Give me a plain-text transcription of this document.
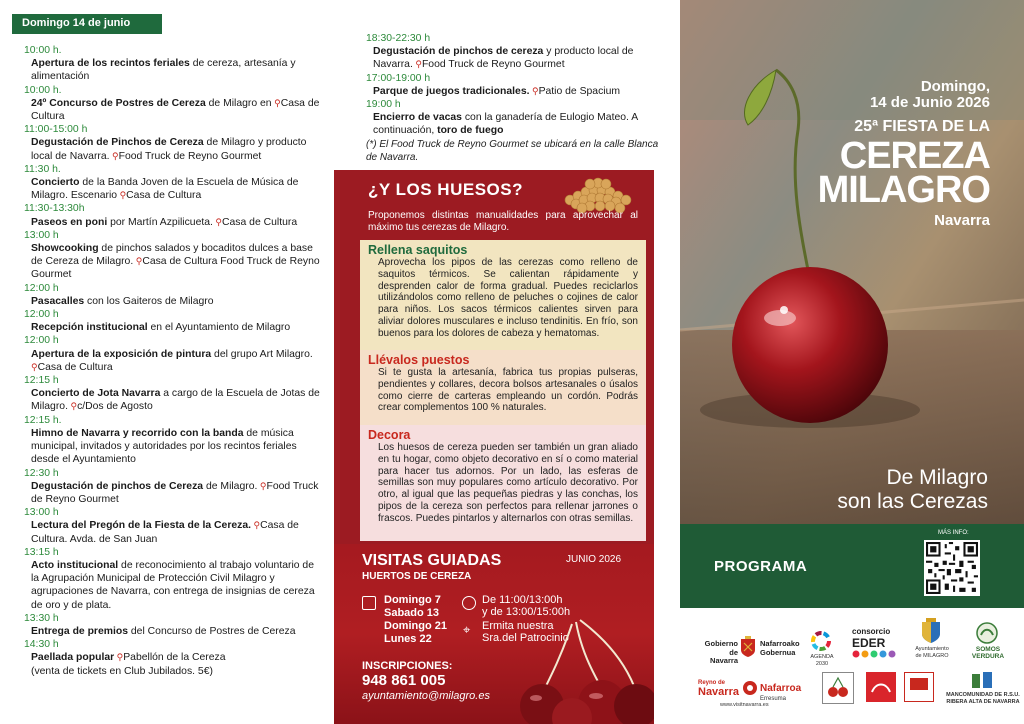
Domingo 14 de junio
10:00 h.
Apertura de los recintos feriales de cereza, artesanía y alimentación
10:00 h.
24º Concurso de Postres de Cereza de Milagro en ⚲Casa de Cultura
11:00-15:00 h
Degustación de Pinchos de Cereza de Milagro y producto local de Navarra. ⚲Food Truck de Reyno Gourmet
11:30 h.
Concierto de la Banda Joven de la Escuela de Música de Milagro. Escenario ⚲Casa de Cultura
11:30-13:30h
Paseos en poni por Martín Azpilicueta. ⚲Casa de Cultura
13:00 h
Showcooking de pinchos salados y bocaditos dulces a base de Cereza de Milagro. ⚲Casa de Cultura Food Truck de Reyno Gourmet
12:00 h
Pasacalles con los Gaiteros de Milagro
12:00 h
Recepción institucional en el Ayuntamiento de Milagro
12:00 h
Apertura de la exposición de pintura del grupo Art Milagro. ⚲Casa de Cultura
12:15 h
Concierto de Jota Navarra a cargo de la Escuela de Jotas de Milagro. ⚲c/Dos de Agosto
12:15 h.
Himno de Navarra y recorrido con la banda de música municipal, invitados y autoridades por los recintos feriales desde el Ayuntamiento
12:30 h
Degustación de pinchos de Cereza de Milagro. ⚲Food Truck de Reyno Gourmet
13:00 h
Lectura del Pregón de la Fiesta de la Cereza. ⚲Casa de Cultura. Avda. de San Juan
13:15 h
Acto institucional de reconocimiento al trabajo voluntario de la Agrupación Municipal de Protección Civil Milagro y agrupaciones de Navarra, con entrega de insignias de cereza de oro y de plata.
13:30 h
Entrega de premios del Concurso de Postres de Cereza
14:30 h
Paellada popular ⚲Pabellón de la Cereza
(venta de tickets en Club Jubilados. 5€)
18:30-22:30 h
Degustación de pinchos de cereza y producto local de Navarra. ⚲Food Truck de Reyno Gourmet
17:00-19:00 h
Parque de juegos tradicionales. ⚲Patio de Spacium
19:00 h
Encierro de vacas con la ganadería de Eulogio Mateo. A continuación, toro de fuego
(*) El Food Truck de Reyno Gourmet se ubicará en la calle Blanca de Navarra.
¿Y LOS HUESOS?
Proponemos distintas manualidades para aprovechar al máximo tus cerezas de Milagro.
Rellena saquitos

Aprovecha los pipos de las cerezas como relleno de saquitos térmicos. Se calientan rápidamente y desprenden calor de forma gradual. Puedes reciclarlos utilizándolos como relleno de peluches o cojines de calor para niños. Los sacos térmicos calientes sirven para aliviar dolores musculares e incluso tendinitis. En frío, son buenos para los dolores de cabeza y hematomas.

Llévalos puestos

Si te gusta la artesanía, fabrica tus propias pulseras, pendientes y collares, decora bolsos artesanales o úsalos como cierre de carteras empleando un cordón. Podrás crear complementos 100 % naturales.

Decora

Los huesos de cereza pueden ser también un gran aliado en tu hogar, como objeto decorativo en sí o como material para hacer tus adornos. Por un lado, las esferas de semillas son muy populares como artículo decorativo. Por otro, al igual que las pequeñas piedras y las conchas, los pipos de la cereza son perfectos para rellenar jarrones o frascos. Puedes pintarlos y alternarlos con otras semillas.

VISITAS GUIADAS
HUERTOS DE CEREZA
JUNIO 2026
Domingo 7
Sabado 13
Domingo 21
Lunes 22
De 11:00/13:00h
y de 13:00/15:00h
⌖ Ermita nuestra
Sra.del Patrocinio
INSCRIPCIONES:
948 861 005
ayuntamiento@milagro.es
Domingo,
14 de Junio 2026
25ª FIESTA DE LA
CEREZA
MILAGRO
Navarra
De Milagro
son las Cerezas
PROGRAMA
MÁS INFO:
Gobierno
de Navarra
Nafarroako
Gobernua
AGENDA 2030
consorcio
EDER	Ayuntamiento
de MILAGRO
SOMOS
VERDURA
Reyno de
Navarra Nafarroa
Erresuma
www.visitnavarra.es
MANCOMUNIDAD DE R.S.U.
RIBERA ALTA DE NAVARRA
